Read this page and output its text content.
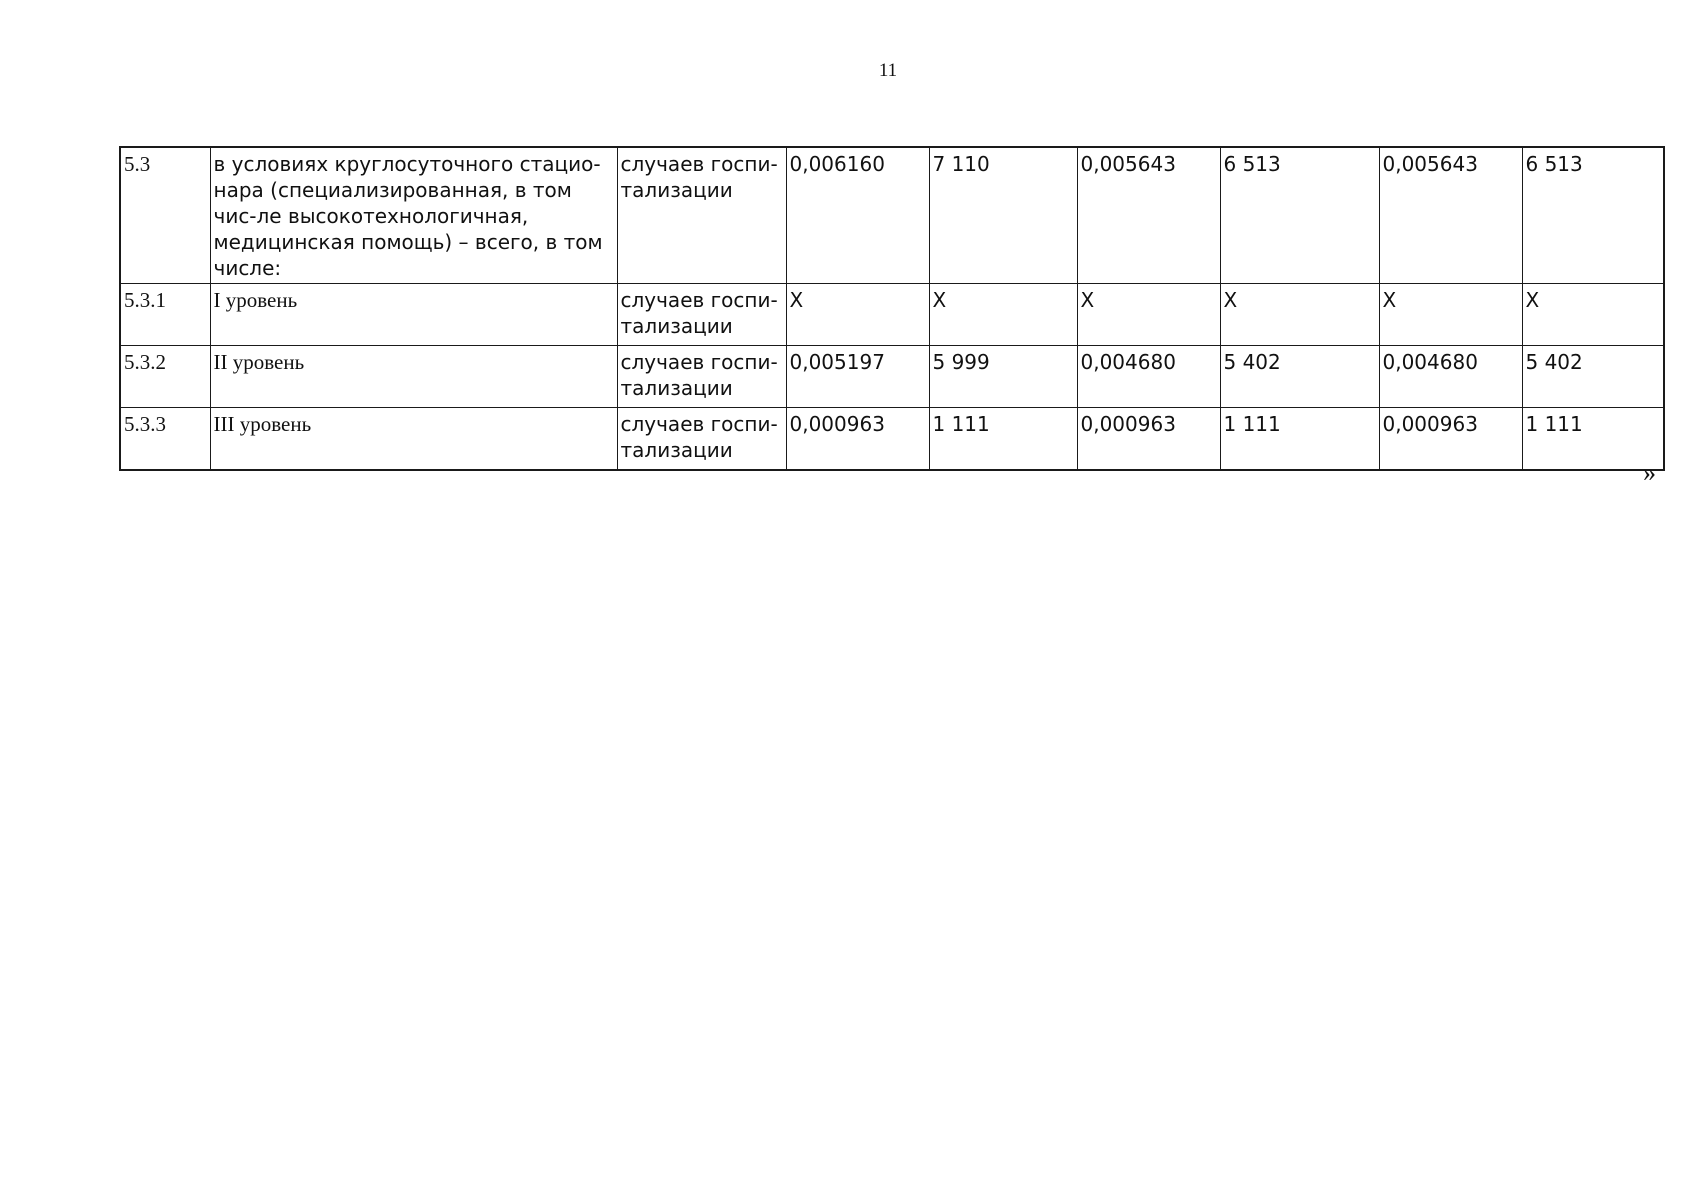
11
5.3	в условиях круглосуточного стацио-нара (специализированная, в том чис-ле высокотехнологичная, медицинская помощь) – всего, в том числе:	случаев госпи-тализации	0,006160	7 110	0,005643	6 513	0,005643	6 513
5.3.1	I уровень	случаев госпи-тализации	X	X	X	X	X	X
5.3.2	II уровень	случаев госпи-тализации	0,005197	5 999	0,004680	5 402	0,004680	5 402
5.3.3	III уровень	случаев госпи-тализации	0,000963	1 111	0,000963	1 111	0,000963	1 111
»
